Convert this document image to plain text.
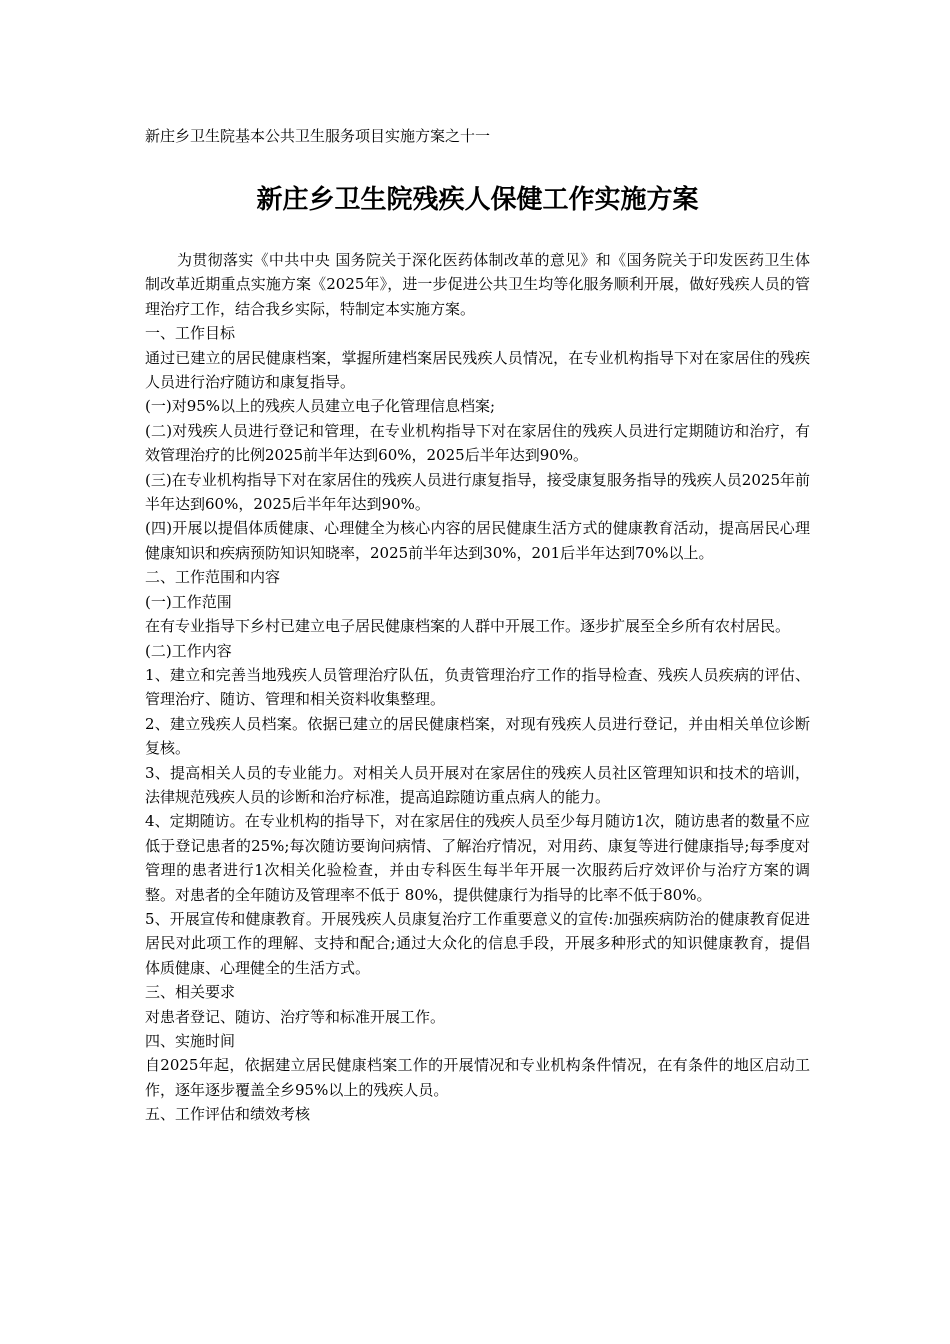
新庄乡卫生院基本公共卫生服务项目实施方案之十一
新庄乡卫生院残疾人保健工作实施方案

为贯彻落实《中共中央 国务院关于深化医药体制改革的意见》和《国务院关于印发医药卫生体制改革近期重点实施方案《2025年》，进一步促进公共卫生均等化服务顺利开展，做好残疾人员的管理治疗工作，结合我乡实际，特制定本实施方案。

一、工作目标

通过已建立的居民健康档案，掌握所建档案居民残疾人员情况，在专业机构指导下对在家居住的残疾人员进行治疗随访和康复指导。

(一)对95%以上的残疾人员建立电子化管理信息档案;

(二)对残疾人员进行登记和管理，在专业机构指导下对在家居住的残疾人员进行定期随访和治疗，有效管理治疗的比例2025前半年达到60%，2025后半年达到90%。

(三)在专业机构指导下对在家居住的残疾人员进行康复指导，接受康复服务指导的残疾人员2025年前半年达到60%，2025后半年年达到90%。

(四)开展以提倡体质健康、心理健全为核心内容的居民健康生活方式的健康教育活动，提高居民心理健康知识和疾病预防知识知晓率，2025前半年达到30%，201后半年达到70%以上。

二、工作范围和内容

(一)工作范围

在有专业指导下乡村已建立电子居民健康档案的人群中开展工作。逐步扩展至全乡所有农村居民。

(二)工作内容

1、建立和完善当地残疾人员管理治疗队伍，负责管理治疗工作的指导检查、残疾人员疾病的评估、管理治疗、随访、管理和相关资料收集整理。

2、建立残疾人员档案。依据已建立的居民健康档案，对现有残疾人员进行登记，并由相关单位诊断复核。

3、提高相关人员的专业能力。对相关人员开展对在家居住的残疾人员社区管理知识和技术的培训，法律规范残疾人员的诊断和治疗标准，提高追踪随访重点病人的能力。

4、定期随访。在专业机构的指导下，对在家居住的残疾人员至少每月随访1次，随访患者的数量不应低于登记患者的25%;每次随访要询问病情、了解治疗情况，对用药、康复等进行健康指导;每季度对管理的患者进行1次相关化验检查，并由专科医生每半年开展一次服药后疗效评价与治疗方案的调整。对患者的全年随访及管理率不低于 80%，提供健康行为指导的比率不低于80%。

5、开展宣传和健康教育。开展残疾人员康复治疗工作重要意义的宣传:加强疾病防治的健康教育促进居民对此项工作的理解、支持和配合;通过大众化的信息手段，开展多种形式的知识健康教育，提倡体质健康、心理健全的生活方式。

三、相关要求

对患者登记、随访、治疗等和标准开展工作。

四、实施时间

自2025年起，依据建立居民健康档案工作的开展情况和专业机构条件情况，在有条件的地区启动工作，逐年逐步覆盖全乡95%以上的残疾人员。

五、工作评估和绩效考核
